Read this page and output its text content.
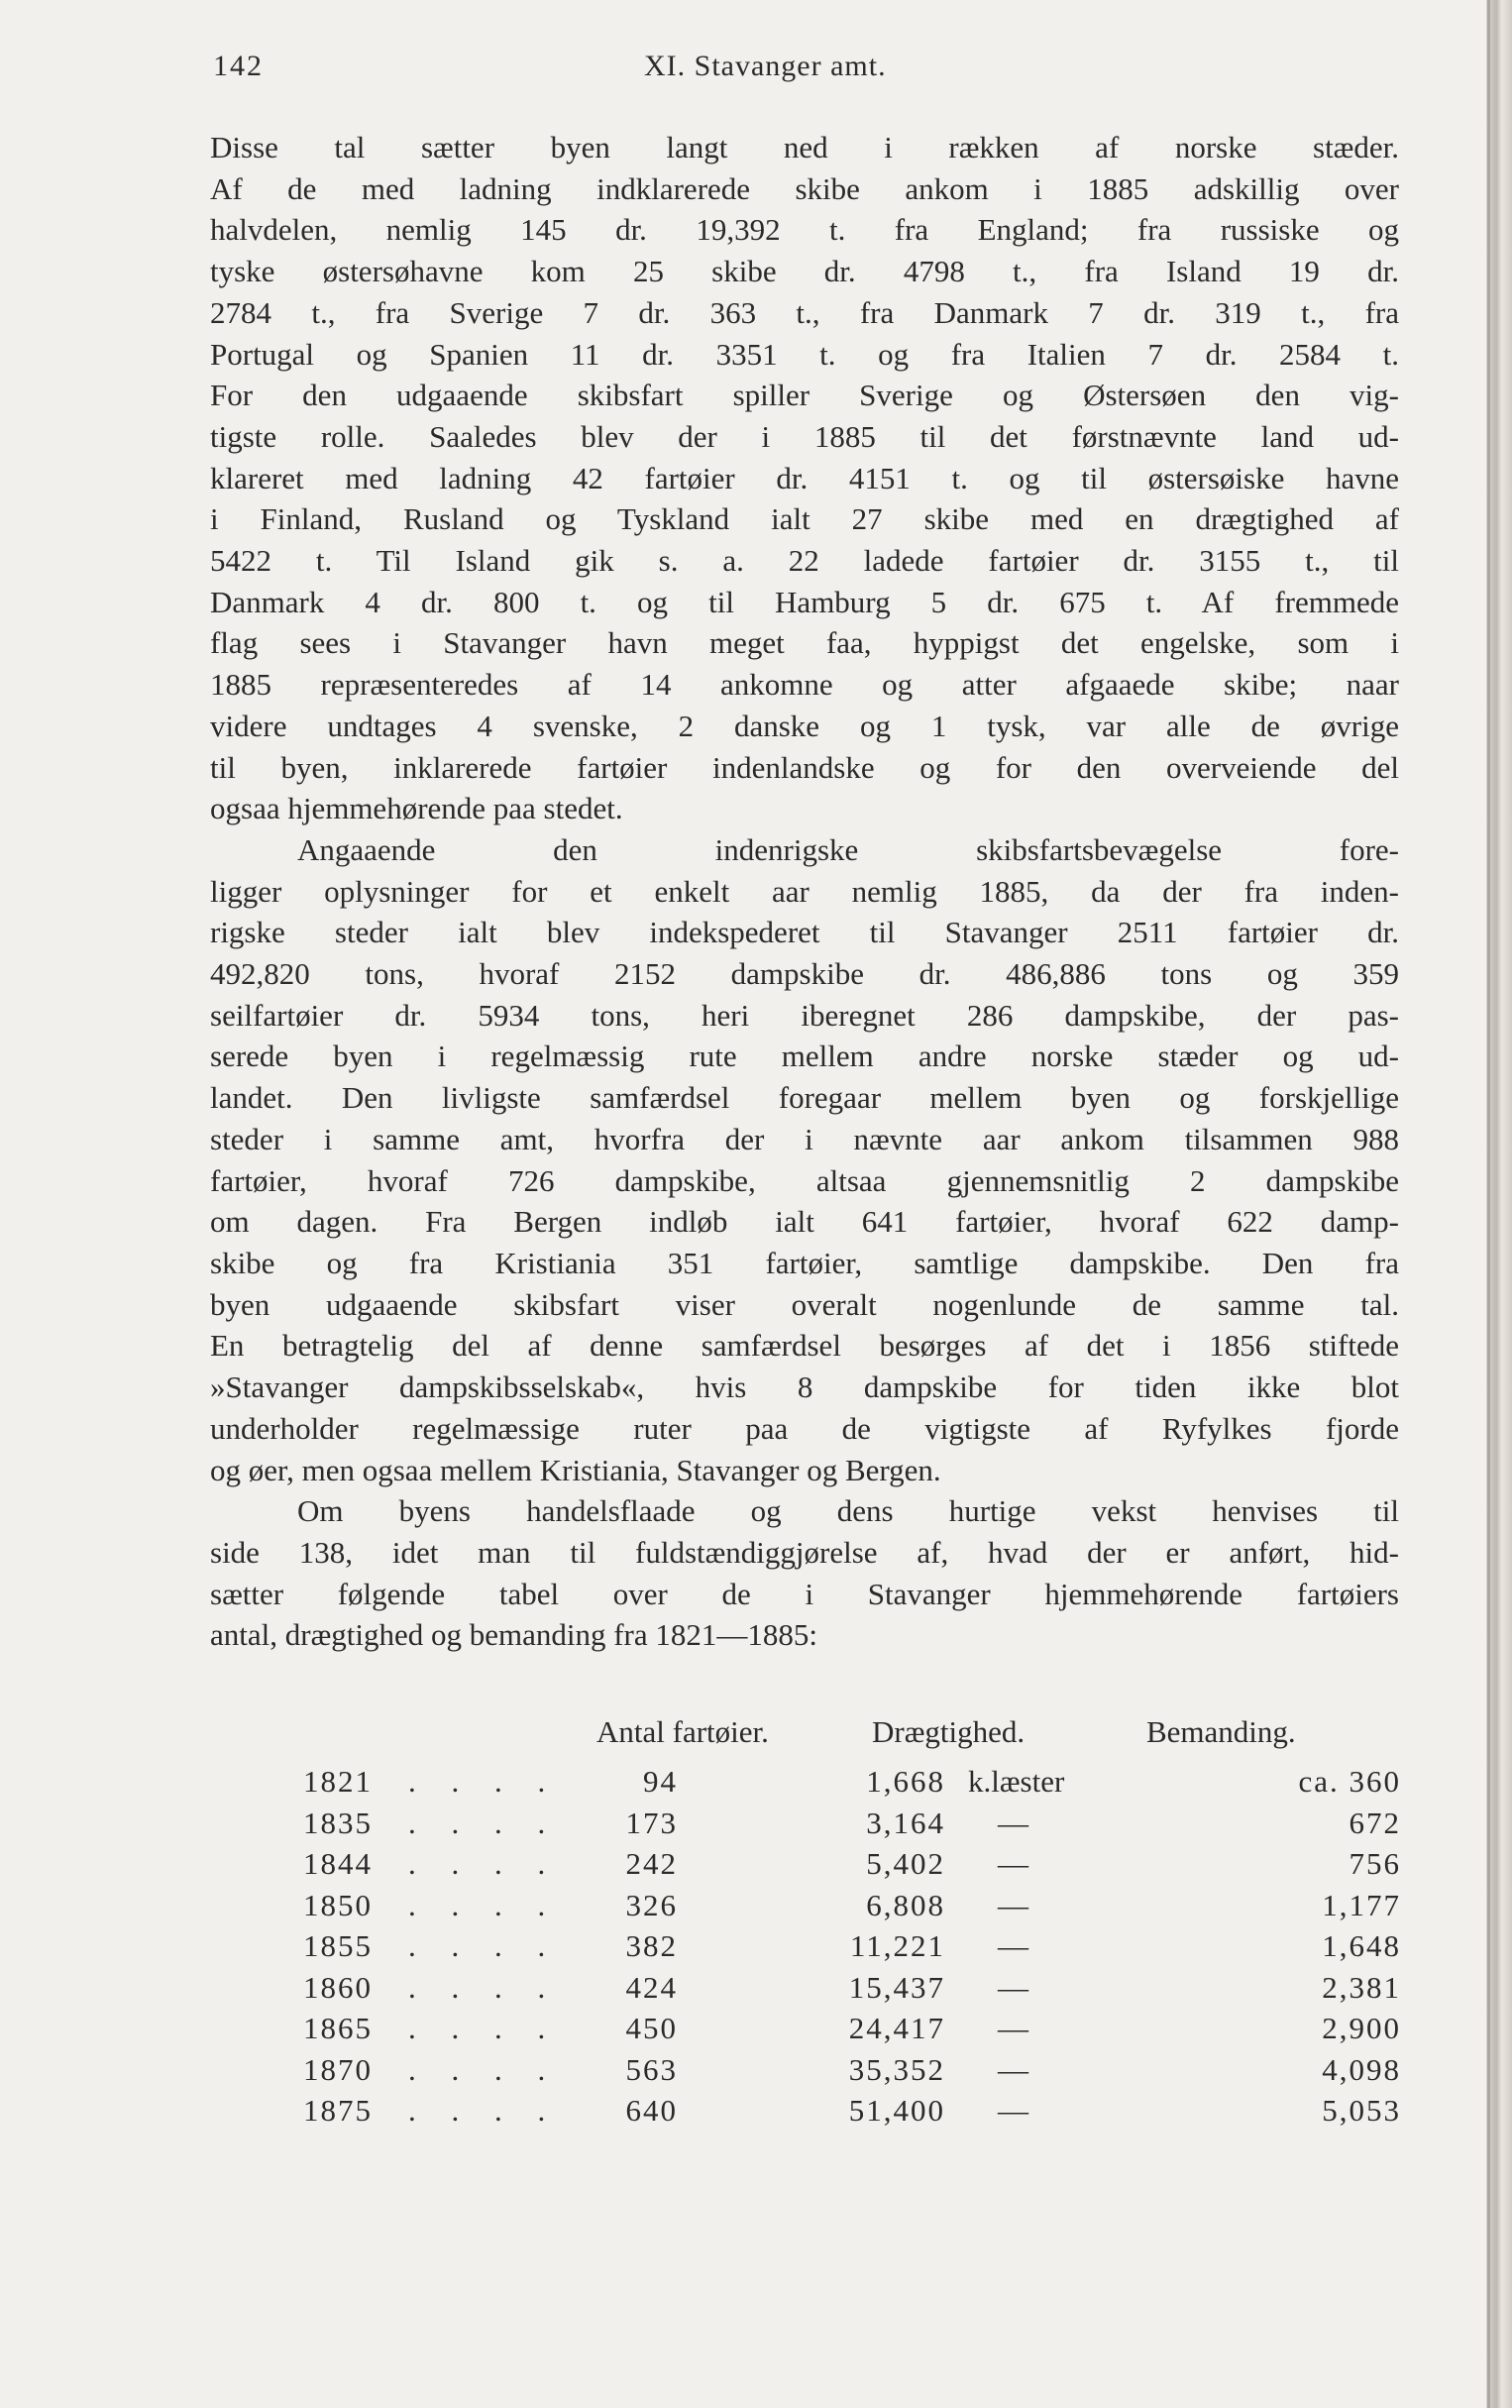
142	XI. Stavanger amt.
Disse tal sætter byen langt ned i rækken af norske stæder.
Af de med ladning indklarerede skibe ankom i 1885 adskillig over
halvdelen, nemlig 145 dr. 19,392 t. fra England; fra russiske og
tyske østersøhavne kom 25 skibe dr. 4798 t., fra Island 19 dr.
2784 t., fra Sverige 7 dr. 363 t., fra Danmark 7 dr. 319 t., fra
Portugal og Spanien 11 dr. 3351 t. og fra Italien 7 dr. 2584 t.
For den udgaaende skibsfart spiller Sverige og Østersøen den vig-
tigste rolle. Saaledes blev der i 1885 til det førstnævnte land ud-
klareret med ladning 42 fartøier dr. 4151 t. og til østersøiske havne
i Finland, Rusland og Tyskland ialt 27 skibe med en drægtighed af
5422 t. Til Island gik s. a. 22 ladede fartøier dr. 3155 t., til
Danmark 4 dr. 800 t. og til Hamburg 5 dr. 675 t. Af fremmede
flag sees i Stavanger havn meget faa, hyppigst det engelske, som i
1885 repræsenteredes af 14 ankomne og atter afgaaede skibe; naar
videre undtages 4 svenske, 2 danske og 1 tysk, var alle de øvrige
til byen, inklarerede fartøier indenlandske og for den overveiende del
ogsaa hjemmehørende paa stedet.
Angaaende den indenrigske skibsfartsbevægelse fore-
ligger oplysninger for et enkelt aar nemlig 1885, da der fra inden-
rigske steder ialt blev indekspederet til Stavanger 2511 fartøier dr.
492,820 tons, hvoraf 2152 dampskibe dr. 486,886 tons og 359
seilfartøier dr. 5934 tons, heri iberegnet 286 dampskibe, der pas-
serede byen i regelmæssig rute mellem andre norske stæder og ud-
landet. Den livligste samfærdsel foregaar mellem byen og forskjellige
steder i samme amt, hvorfra der i nævnte aar ankom tilsammen 988
fartøier, hvoraf 726 dampskibe, altsaa gjennemsnitlig 2 dampskibe
om dagen. Fra Bergen indløb ialt 641 fartøier, hvoraf 622 damp-
skibe og fra Kristiania 351 fartøier, samtlige dampskibe. Den fra
byen udgaaende skibsfart viser overalt nogenlunde de samme tal.
En betragtelig del af denne samfærdsel besørges af det i 1856 stiftede
»Stavanger dampskibsselskab«, hvis 8 dampskibe for tiden ikke blot
underholder regelmæssige ruter paa de vigtigste af Ryfylkes fjorde
og øer, men ogsaa mellem Kristiania, Stavanger og Bergen.
Om byens handelsflaade og dens hurtige vekst henvises til
side 138, idet man til fuldstændiggjørelse af, hvad der er anført, hid-
sætter følgende tabel over de i Stavanger hjemmehørende fartøiers
antal, drægtighed og bemanding fra 1821—1885:
Antal fartøier.	Drægtighed.	Bemanding.
1821 . . . .	94	1,668 k.læster	ca. 360
1835 . . . . 173	3,164 —	672
1844 . . . . 242	5,402 —	756
1850 . . . . 326	6,808 —	1,177
1855 . . . . 382	11,221 —	1,648
1860 . . . . 424	15,437 —	2,381
1865 . . . . 450	24,417 —	2,900
1870 . . . . 563	35,352 —	4,098
1875 . . . . 640	51,400 —	5,053
